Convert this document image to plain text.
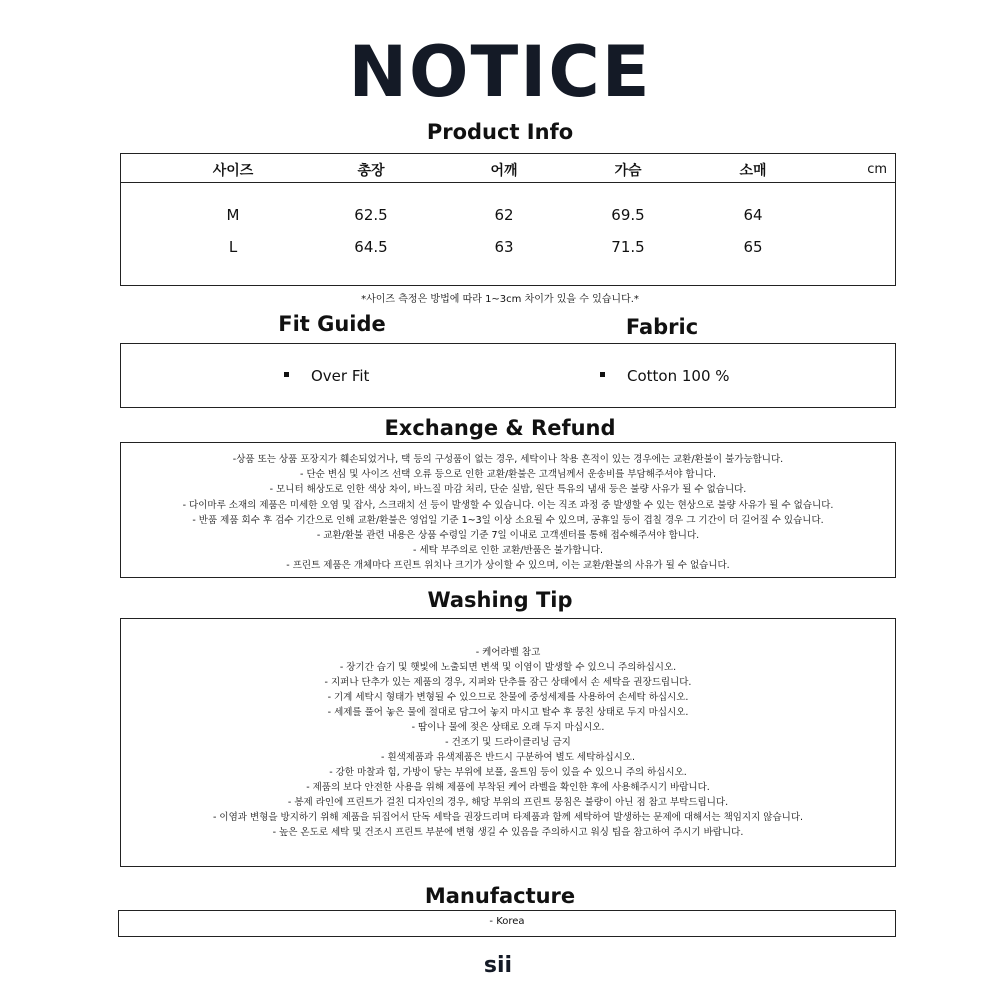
NOTICE
Product Info
사이즈	총장	어깨	가슴	소매	cm
M	62.5	62	69.5	64
L	64.5	63	71.5	65
*사이즈 측정은 방법에 따라 1~3cm 차이가 있을 수 있습니다.*
Fit Guide	Fabric
Over Fit	Cotton 100 %
Exchange & Refund
-상품 또는 상품 포장지가 훼손되었거나, 택 등의 구성품이 없는 경우, 세탁이나 착용 흔적이 있는 경우에는 교환/환불이 불가능합니다.
- 단순 변심 및 사이즈 선택 오류 등으로 인한 교환/환불은 고객님께서 운송비를 부담해주셔야 합니다.
- 모니터 해상도로 인한 색상 차이, 바느질 마감 처리, 단순 실밥, 원단 특유의 냄새 등은 불량 사유가 될 수 없습니다.
- 다이마루 소재의 제품은 미세한 오염 및 잡사, 스크래치 선 등이 발생할 수 있습니다. 이는 직조 과정 중 발생할 수 있는 현상으로 불량 사유가 될 수 없습니다.
- 반품 제품 회수 후 검수 기간으로 인해 교환/환불은 영업일 기준 1~3일 이상 소요될 수 있으며, 공휴일 등이 겹칠 경우 그 기간이 더 길어질 수 있습니다.
- 교환/환불 관련 내용은 상품 수령일 기준 7일 이내로 고객센터를 통해 접수해주셔야 합니다.
- 세탁 부주의로 인한 교환/반품은 불가합니다.
- 프린트 제품은 개체마다 프린트 위치나 크기가 상이할 수 있으며, 이는 교환/환불의 사유가 될 수 없습니다.
Washing Tip
- 케어라벨 참고
- 장기간 습기 및 햇빛에 노출되면 변색 및 이염이 발생할 수 있으니 주의하십시오.
- 지퍼나 단추가 있는 제품의 경우, 지퍼와 단추를 잠근 상태에서 손 세탁을 권장드립니다.
- 기계 세탁시 형태가 변형될 수 있으므로 찬물에 중성세제를 사용하여 손세탁 하십시오.
- 세제를 풀어 놓은 물에 절대로 담그어 놓지 마시고 탈수 후 뭉친 상태로 두지 마십시오.
- 땀이나 물에 젖은 상태로 오래 두지 마십시오.
- 건조기 및 드라이클리닝 금지
- 흰색제품과 유색제품은 반드시 구분하여 별도 세탁하십시오.
- 강한 마찰과 힘, 가방이 닿는 부위에 보풀, 올트임 등이 있을 수 있으니 주의 하십시오.
- 제품의 보다 안전한 사용을 위해 제품에 부착된 케어 라벨을 확인한 후에 사용해주시기 바랍니다.
- 봉제 라인에 프린트가 걸친 디자인의 경우, 해당 부위의 프린트 뭉침은 불량이 아닌 점 참고 부탁드립니다.
- 이염과 변형을 방지하기 위해 제품을 뒤집어서 단독 세탁을 권장드리며 타제품과 함께 세탁하여 발생하는 문제에 대해서는 책임지지 않습니다.
- 높은 온도로 세탁 및 건조시 프린트 부분에 변형 생길 수 있음을 주의하시고 워싱 팁을 참고하여 주시기 바랍니다.
Manufacture
- Korea
sii
